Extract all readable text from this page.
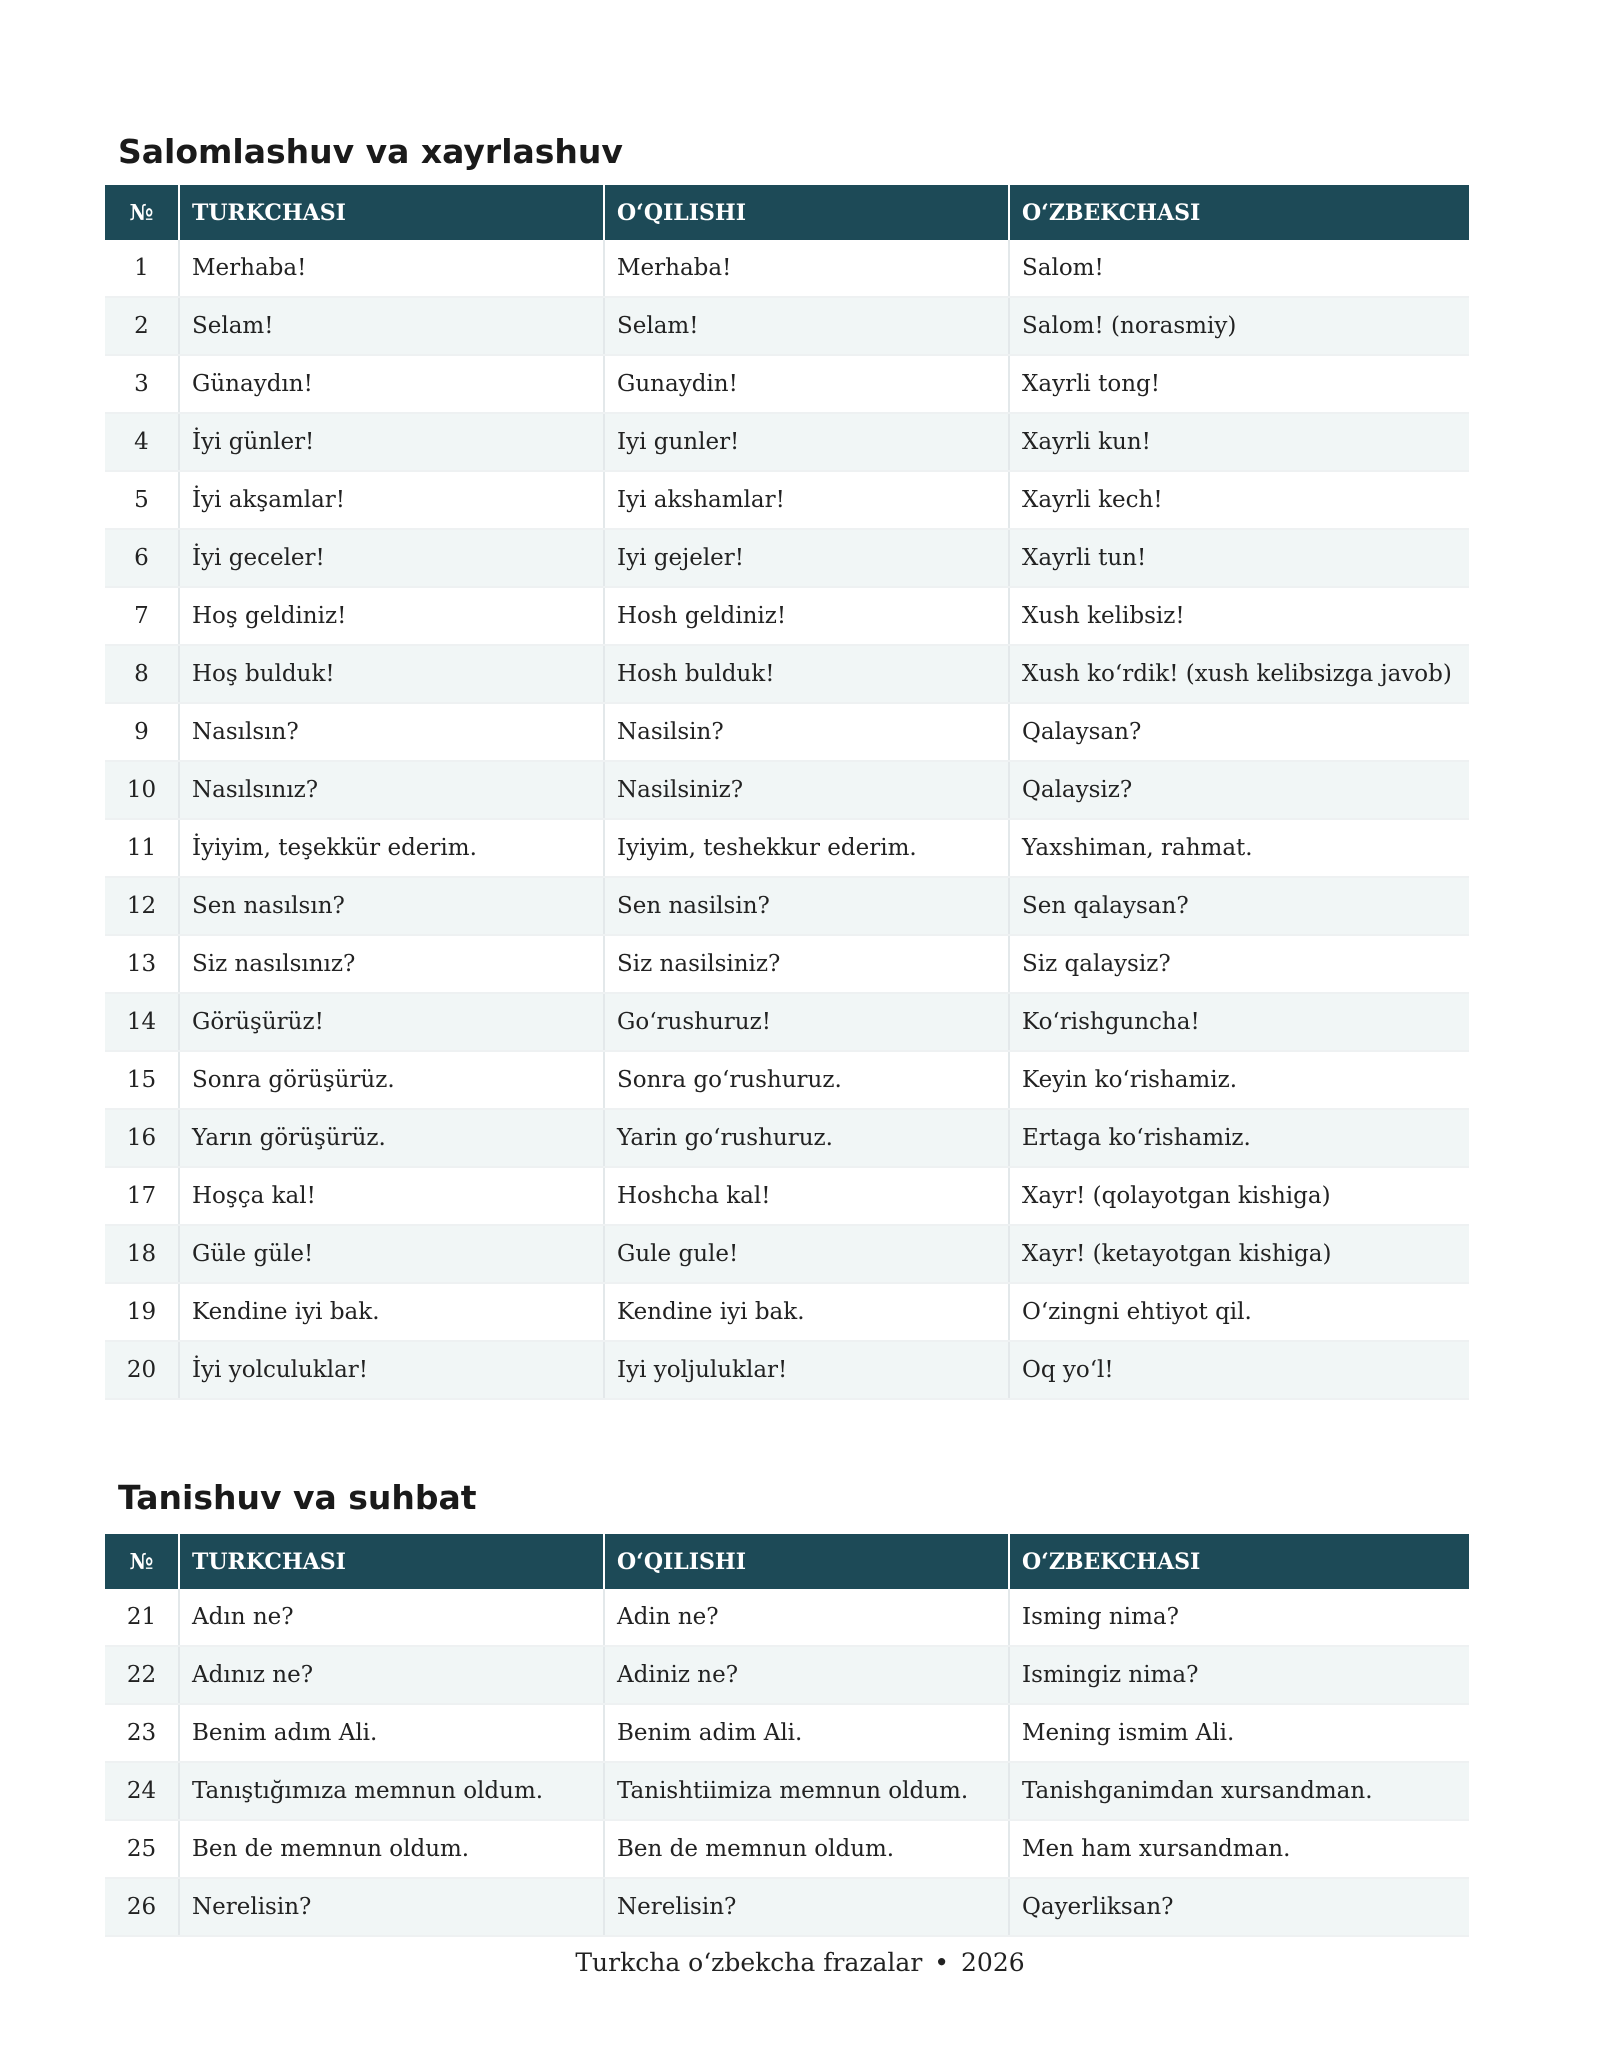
Salomlashuv va xayrlashuv
№	TURKCHASI	O‘QILISHI	O‘ZBEKCHASI
1	Merhaba!	Merhaba!	Salom!
2	Selam!	Selam!	Salom! (norasmiy)
3	Günaydın!	Gunaydin!	Xayrli tong!
4	İyi günler!	Iyi gunler!	Xayrli kun!
5	İyi akşamlar!	Iyi akshamlar!	Xayrli kech!
6	İyi geceler!	Iyi gejeler!	Xayrli tun!
7	Hoş geldiniz!	Hosh geldiniz!	Xush kelibsiz!
8	Hoş bulduk!	Hosh bulduk!	Xush ko‘rdik! (xush kelibsizga javob)
9	Nasılsın?	Nasilsin?	Qalaysan?
10	Nasılsınız?	Nasilsiniz?	Qalaysiz?
11	İyiyim, teşekkür ederim.	Iyiyim, teshekkur ederim.	Yaxshiman, rahmat.
12	Sen nasılsın?	Sen nasilsin?	Sen qalaysan?
13	Siz nasılsınız?	Siz nasilsiniz?	Siz qalaysiz?
14	Görüşürüz!	Go‘rushuruz!	Ko‘rishguncha!
15	Sonra görüşürüz.	Sonra go‘rushuruz.	Keyin ko‘rishamiz.
16	Yarın görüşürüz.	Yarin go‘rushuruz.	Ertaga ko‘rishamiz.
17	Hoşça kal!	Hoshcha kal!	Xayr! (qolayotgan kishiga)
18	Güle güle!	Gule gule!	Xayr! (ketayotgan kishiga)
19	Kendine iyi bak.	Kendine iyi bak.	O‘zingni ehtiyot qil.
20	İyi yolculuklar!	Iyi yoljuluklar!	Oq yo‘l!
Tanishuv va suhbat
№	TURKCHASI	O‘QILISHI	O‘ZBEKCHASI
21	Adın ne?	Adin ne?	Isming nima?
22	Adınız ne?	Adiniz ne?	Ismingiz nima?
23	Benim adım Ali.	Benim adim Ali.	Mening ismim Ali.
24	Tanıştığımıza memnun oldum.	Tanishtiimiza memnun oldum.	Tanishganimdan xursandman.
25	Ben de memnun oldum.	Ben de memnun oldum.	Men ham xursandman.
26	Nerelisin?	Nerelisin?	Qayerliksan?
Turkcha o‘zbekcha frazalar • 2026
